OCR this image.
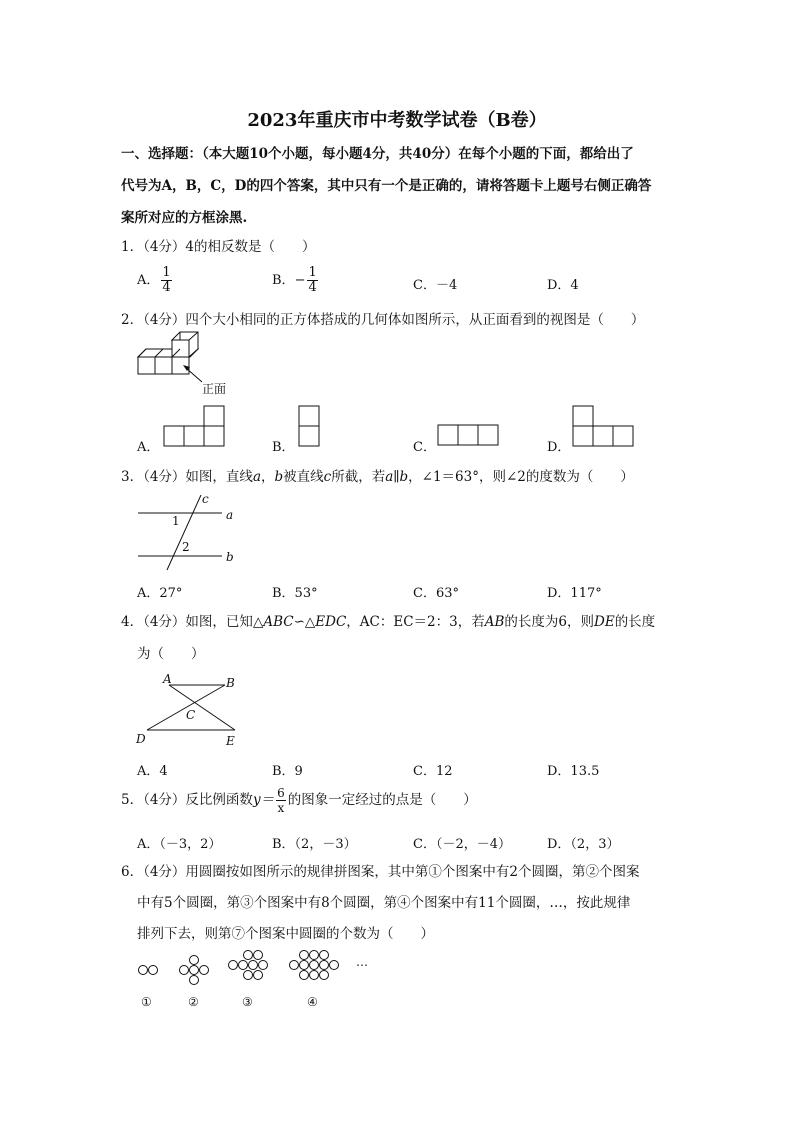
2023年重庆市中考数学试卷（B卷）
一、选择题：（本大题10个小题，每小题4分，共40分）在每个小题的下面，都给出了
代号为A，B，C，D的四个答案，其中只有一个是正确的，请将答题卡上题号右侧正确答
案所对应的方框涂黑.
1．（4分）4的相反数是（　　）
A． $\frac{1}{4}$	B．− $\frac{1}{4}$	C．－4	D．4
2．（4分）四个大小相同的正方体搭成的几何体如图所示，从正面看到的视图是（　　）
正面
A．	B．	C．	D．
3．（4分）如图，直线a，b被直线c所截，若a∥b，∠1＝63°，则∠2的度数为（　　）
c
a
b
1
2
A．27°	B．53°	C．63°	D．117°
4．（4分）如图，已知△ABC∽△EDC，AC：EC＝2：3，若AB的长度为6，则DE的长度
为（　　）
A	B
C
D	E
A．4	B．9	C．12	D．13.5
5．（4分）反比例函数$y= \frac{6}{x}$ 的图象一定经过的点是（　　）
A．（－3，2）	B．（2，－3）	C．（－2，－4）	D．（2，3）
6．（4分）用圆圈按如图所示的规律拼图案，其中第①个图案中有2个圆圈，第②个图案
中有5个圆圈，第③个图案中有8个圆圈，第④个图案中有11个圆圈，…，按此规律
排列下去，则第⑦个图案中圆圈的个数为（　　）
…
①	②	③	④
